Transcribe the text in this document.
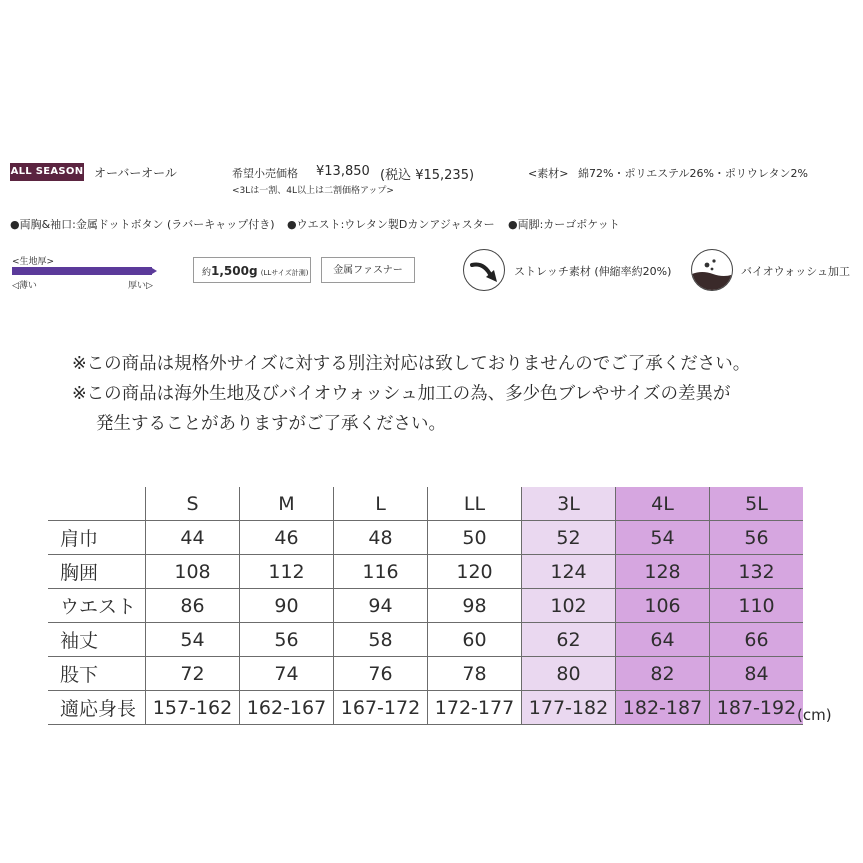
ALL SEASON オーバーオール	希望小売価格 ¥13,850 (税込 ¥15,235)
<3Lは一割、4L以上は二割価格アップ>
<素材> 綿72%・ポリエステル26%・ポリウレタン2%
●両胸&袖口:金属ドットボタン (ラバーキャップ付き) ●ウエスト:ウレタン製Dカンアジャスター ●両脚:カーゴポケット
<生地厚>
◁薄い	厚い▷
約1,500g (LLサイズ計測)	金属ファスナー	ストレッチ素材 (伸縮率約20%)	バイオウォッシュ加工
※この商品は規格外サイズに対する別注対応は致しておりませんのでご了承ください。
※この商品は海外生地及びバイオウォッシュ加工の為、多少色ブレやサイズの差異が
発生することがありますがご了承ください。
	S	M	L	LL	3L	4L	5L
肩巾	44	46	48	50	52	54	56
胸囲	108	112	116	120	124	128	132
ウエスト	86	90	94	98	102	106	110
袖丈	54	56	58	60	62	64	66
股下	72	74	76	78	80	82	84
適応身長	157-162	162-167	167-172	172-177	177-182	182-187	187-192 (cm)
